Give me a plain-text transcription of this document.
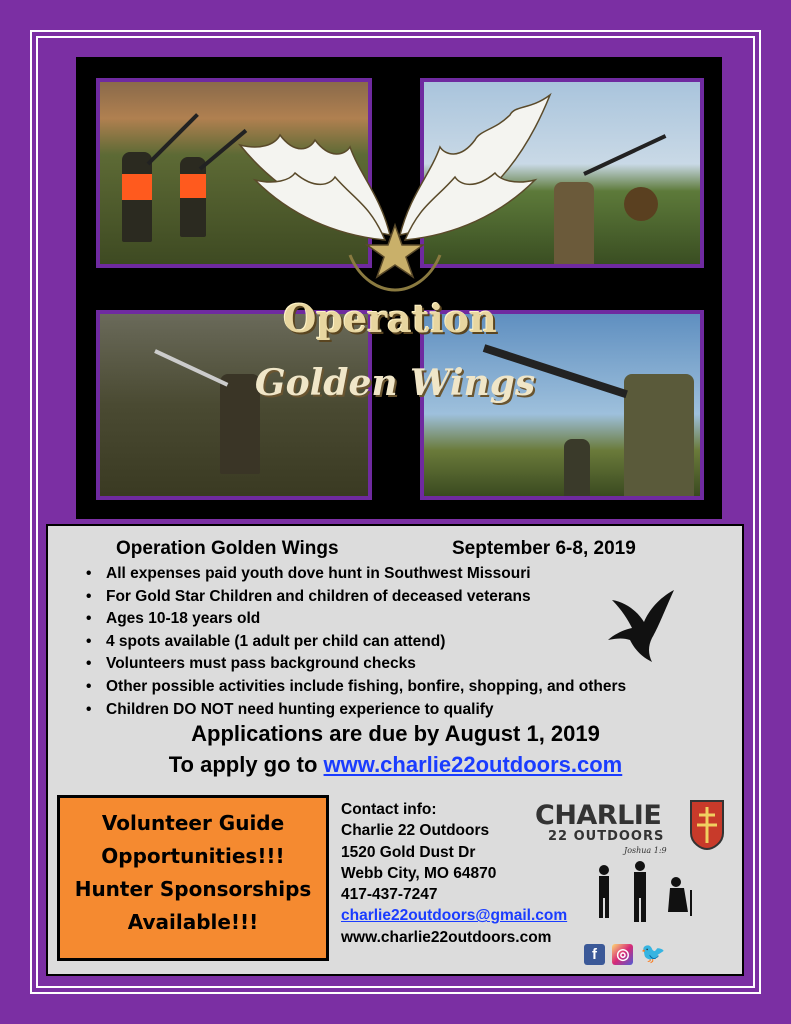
Operation
Golden Wings
Operation Golden Wings	September 6-8, 2019
• All expenses paid youth dove hunt in Southwest Missouri
• For Gold Star Children and children of deceased veterans
• Ages 10-18 years old
• 4 spots available (1 adult per child can attend)
• Volunteers must pass background checks
• Other possible activities include fishing, bonfire, shopping, and others
• Children DO NOT need hunting experience to qualify
Applications are due by August 1, 2019
To apply go to www.charlie22outdoors.com
Volunteer Guide
Opportunities!!!
Hunter Sponsorships
Available!!!
Contact info:
Charlie 22 Outdoors
1520 Gold Dust Dr
Webb City, MO 64870
417-437-7247
charlie22outdoors@gmail.com
www.charlie22outdoors.com
CHARLIE
22 OUTDOORS
Joshua 1:9
f ◎ 🐦
